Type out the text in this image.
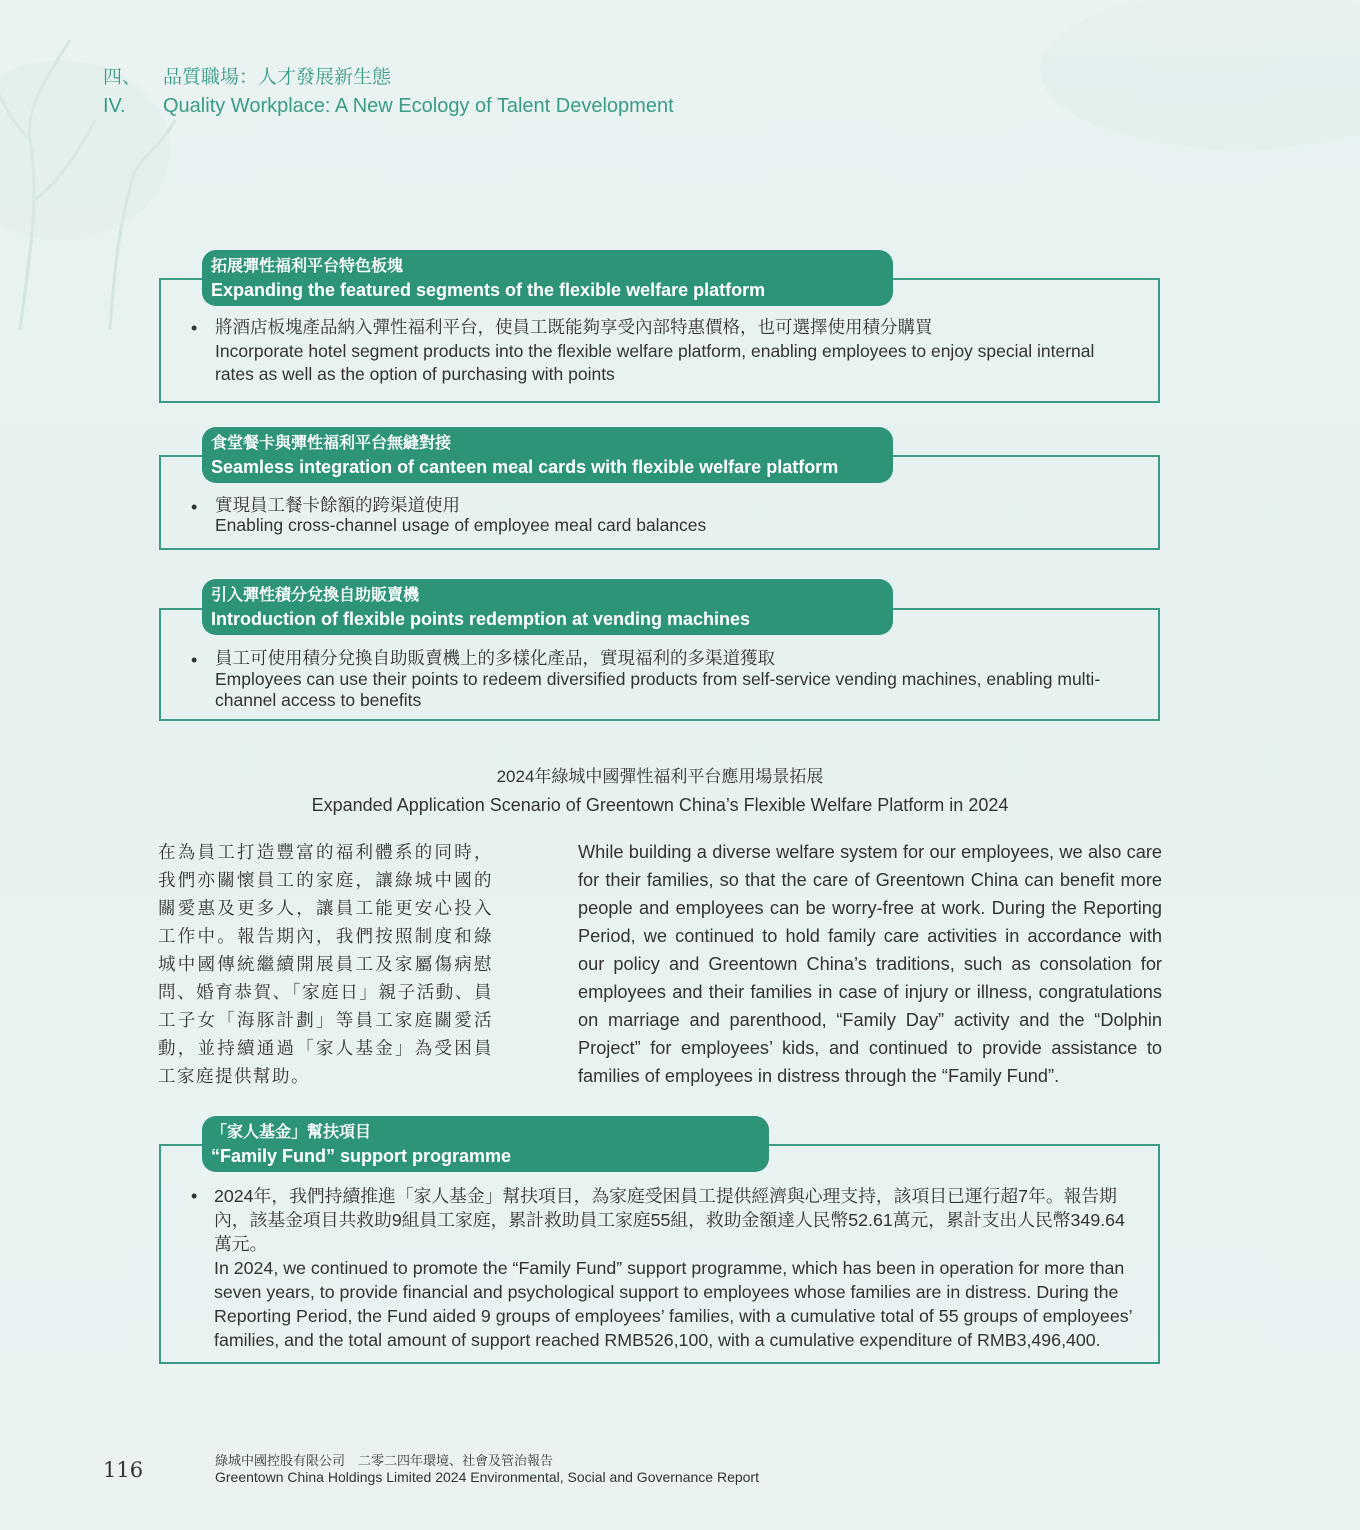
四、	品質職場：人才發展新生態
IV.	Quality Workplace: A New Ecology of Talent Development
• 將酒店板塊產品納入彈性福利平台，使員工既能夠享受內部特惠價格，也可選擇使用積分購買
Incorporate hotel segment products into the flexible welfare platform, enabling employees to enjoy special internal rates as well as the option of purchasing with points
拓展彈性福利平台特色板塊
Expanding the featured segments of the flexible welfare platform
• 實現員工餐卡餘額的跨渠道使用
Enabling cross-channel usage of employee meal card balances
食堂餐卡與彈性福利平台無縫對接
Seamless integration of canteen meal cards with flexible welfare platform
• 員工可使用積分兌換自助販賣機上的多樣化產品，實現福利的多渠道獲取
Employees can use their points to redeem diversified products from self-service vending machines, enabling multi-channel access to benefits
引入彈性積分兌換自助販賣機
Introduction of flexible points redemption at vending machines
2024年綠城中國彈性福利平台應用場景拓展
Expanded Application Scenario of Greentown China’s Flexible Welfare Platform in 2024
在為員工打造豐富的福利體系的同時，我們亦關懷員工的家庭，讓綠城中國的關愛惠及更多人，讓員工能更安心投入工作中。報告期內，我們按照制度和綠城中國傳統繼續開展員工及家屬傷病慰問、婚育恭賀、「家庭日」親子活動、員工子女「海豚計劃」等員工家庭關愛活動，並持續通過「家人基金」為受困員工家庭提供幫助。
While building a diverse welfare system for our employees, we also care for their families, so that the care of Greentown China can benefit more people and employees can be worry-free at work. During the Reporting Period, we continued to hold family care activities in accordance with our policy and Greentown China’s traditions, such as consolation for employees and their families in case of injury or illness, congratulations on marriage and parenthood, “Family Day” activity and the “Dolphin Project” for employees’ kids, and continued to provide assistance to families of employees in distress through the “Family Fund”.
• 2024年，我們持續推進「家人基金」幫扶項目，為家庭受困員工提供經濟與心理支持，該項目已運行超7年。報告期內，該基金項目共救助9組員工家庭，累計救助員工家庭55組，救助金額達人民幣52.61萬元，累計支出人民幣349.64萬元。
In 2024, we continued to promote the “Family Fund” support programme, which has been in operation for more than seven years, to provide financial and psychological support to employees whose families are in distress. During the Reporting Period, the Fund aided 9 groups of employees’ families, with a cumulative total of 55 groups of employees’ families, and the total amount of support reached RMB526,100, with a cumulative expenditure of RMB3,496,400.
「家人基金」幫扶項目
“Family Fund” support programme
116	綠城中國控股有限公司　二零二四年環境、社會及管治報告
Greentown China Holdings Limited 2024 Environmental, Social and Governance Report
